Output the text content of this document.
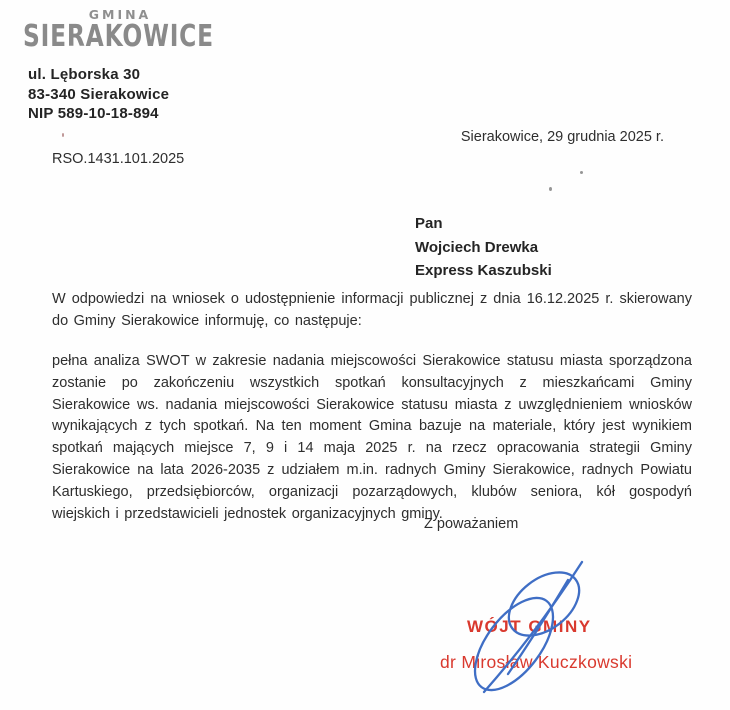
GMINA
SIERAKOWICE
ul. Lęborska 30
83-340 Sierakowice
NIP 589-10-18-894
Sierakowice, 29 grudnia 2025 r.
RSO.1431.101.2025
Pan
Wojciech Drewka
Express Kaszubski
W odpowiedzi na wniosek o udostępnienie informacji publicznej z dnia 16.12.2025 r. skierowany do Gminy Sierakowice informuję, co następuje:
pełna analiza SWOT w zakresie nadania miejscowości Sierakowice statusu miasta sporządzona zostanie po zakończeniu wszystkich spotkań konsultacyjnych z mieszkańcami Gminy Sierakowice ws. nadania miejscowości Sierakowice statusu miasta z uwzględnieniem wniosków wynikających z tych spotkań. Na ten moment Gmina bazuje na materiale, który jest wynikiem spotkań mających miejsce 7, 9 i 14 maja 2025 r. na rzecz opracowania strategii Gminy Sierakowice na lata 2026-2035 z udziałem m.in. radnych Gminy Sierakowice, radnych Powiatu Kartuskiego, przedsiębiorców, organizacji pozarządowych, klubów seniora, kół gospodyń wiejskich i przedstawicieli jednostek organizacyjnych gminy.
Z poważaniem
WÓJT GMINY
dr Mirosław Kuczkowski
